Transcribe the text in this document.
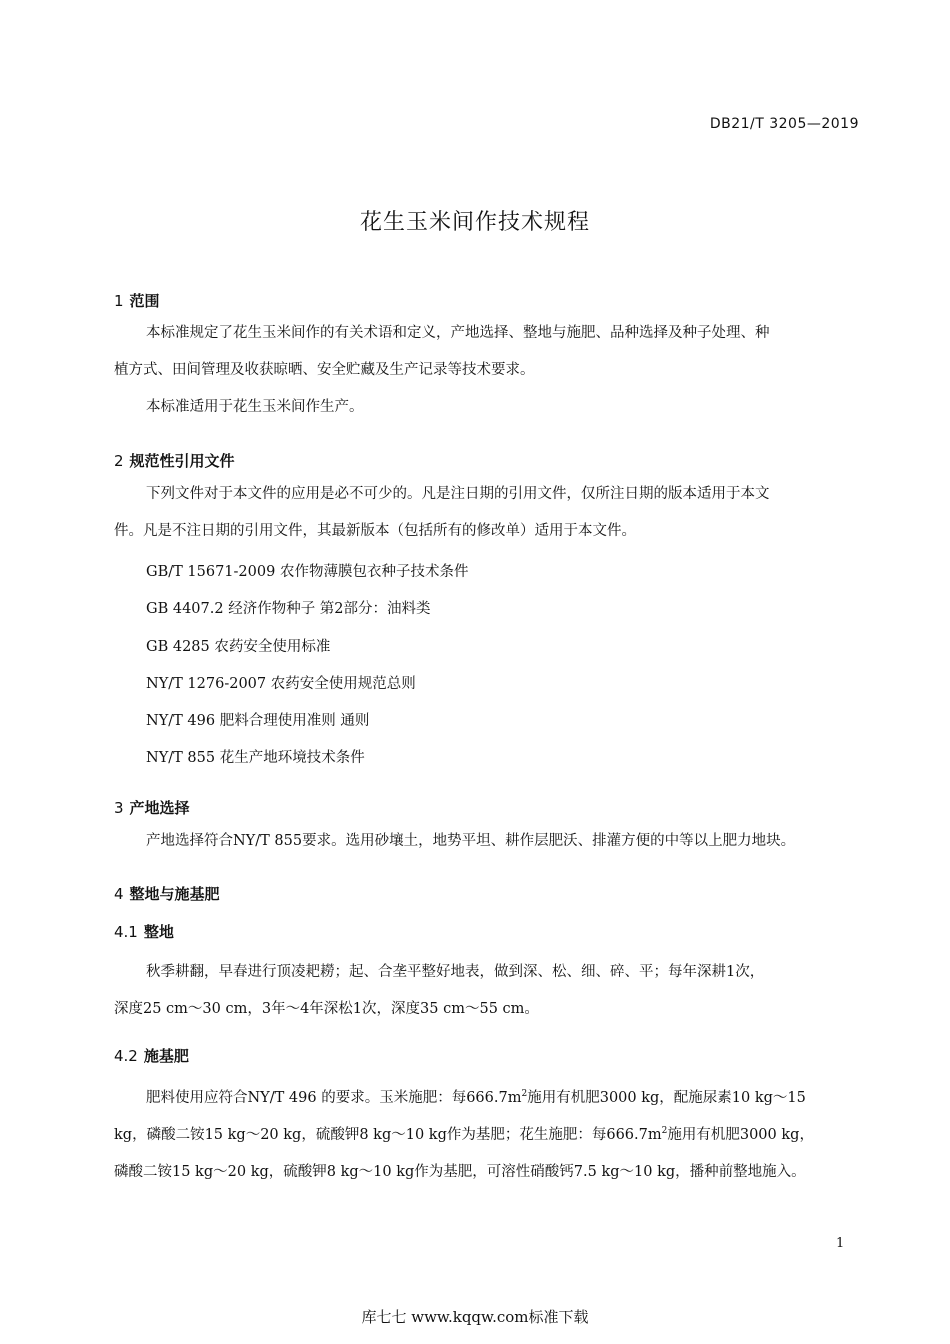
DB21/T 3205—2019
花生玉米间作技术规程
1 范围
本标准规定了花生玉米间作的有关术语和定义，产地选择、整地与施肥、品种选择及种子处理、种
植方式、田间管理及收获晾晒、安全贮藏及生产记录等技术要求。
本标准适用于花生玉米间作生产。
2 规范性引用文件
下列文件对于本文件的应用是必不可少的。凡是注日期的引用文件，仅所注日期的版本适用于本文
件。凡是不注日期的引用文件，其最新版本（包括所有的修改单）适用于本文件。
GB/T 15671-2009 农作物薄膜包衣种子技术条件
GB 4407.2 经济作物种子 第2部分：油料类
GB 4285 农药安全使用标准
NY/T 1276-2007 农药安全使用规范总则
NY/T 496 肥料合理使用准则 通则
NY/T 855 花生产地环境技术条件
3 产地选择
产地选择符合NY/T 855要求。选用砂壤土，地势平坦、耕作层肥沃、排灌方便的中等以上肥力地块。
4 整地与施基肥
4.1 整地
秋季耕翻，早春进行顶凌耙耮；起、合垄平整好地表，做到深、松、细、碎、平；每年深耕1次，
深度25 cm～30 cm，3年～4年深松1次，深度35 cm～55 cm。
4.2 施基肥
肥料使用应符合NY/T 496 的要求。玉米施肥：每$666.7m^2$施用有机肥3000 kg，配施尿素10 kg～15
kg，磷酸二铵15 kg～20 kg，硫酸钾8 kg～10 kg作为基肥；花生施肥：每$666.7m^2$施用有机肥3000 kg，
磷酸二铵15 kg～20 kg，硫酸钾8 kg～10 kg作为基肥，可溶性硝酸钙7.5 kg～10 kg，播种前整地施入。
1
库七七 www.kqqw.com标准下载
